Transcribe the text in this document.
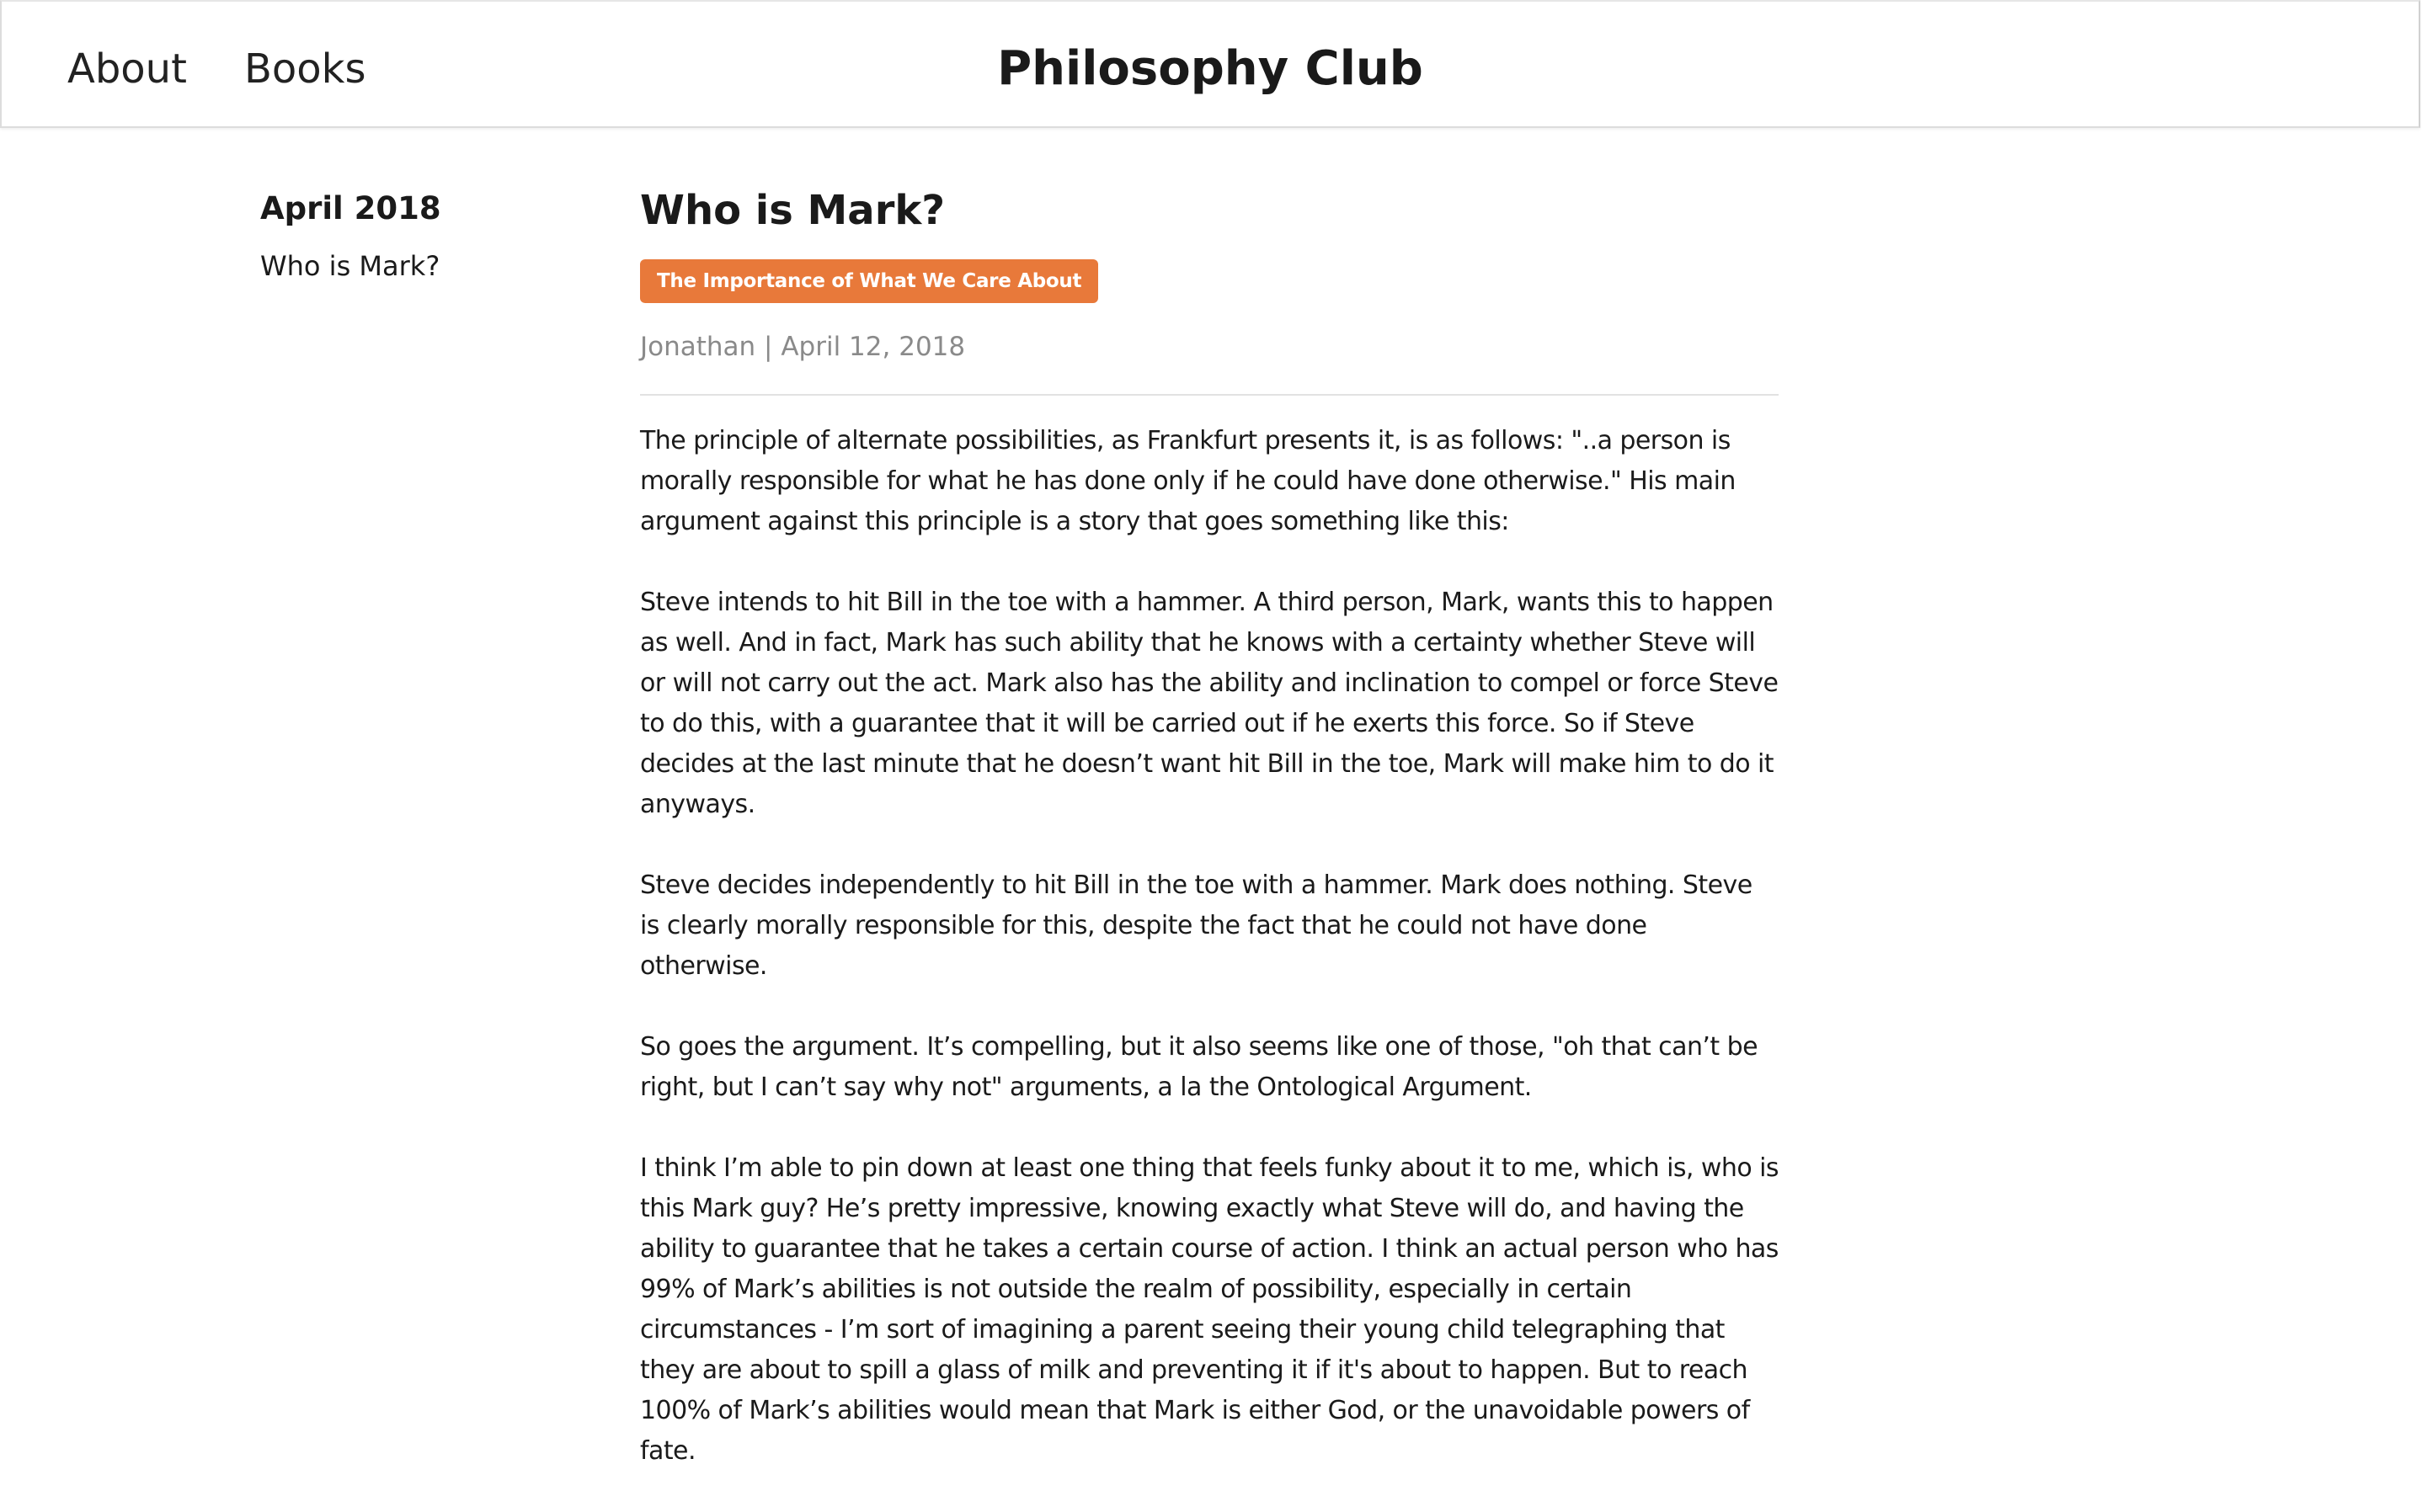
About Books	Philosophy Club
April 2018
Who is Mark?
Who is Mark?
The Importance of What We Care About
Jonathan | April 12, 2018

The principle of alternate possibilities, as Frankfurt presents it, is as follows: "..a person is morally responsible for what he has done only if he could have done otherwise." His main argument against this principle is a story that goes something like this:

Steve intends to hit Bill in the toe with a hammer. A third person, Mark, wants this to happen as well. And in fact, Mark has such ability that he knows with a certainty whether Steve will or will not carry out the act. Mark also has the ability and inclination to compel or force Steve to do this, with a guarantee that it will be carried out if he exerts this force. So if Steve decides at the last minute that he doesn’t want hit Bill in the toe, Mark will make him to do it anyways.

Steve decides independently to hit Bill in the toe with a hammer. Mark does nothing. Steve is clearly morally responsible for this, despite the fact that he could not have done otherwise.

So goes the argument. It’s compelling, but it also seems like one of those, "oh that can’t be right, but I can’t say why not" arguments, a la the Ontological Argument.

I think I’m able to pin down at least one thing that feels funky about it to me, which is, who is this Mark guy? He’s pretty impressive, knowing exactly what Steve will do, and having the ability to guarantee that he takes a certain course of action. I think an actual person who has 99% of Mark’s abilities is not outside the realm of possibility, especially in certain circumstances - I’m sort of imagining a parent seeing their young child telegraphing that they are about to spill a glass of milk and preventing it if it's about to happen. But to reach 100% of Mark’s abilities would mean that Mark is either God, or the unavoidable powers of fate.
